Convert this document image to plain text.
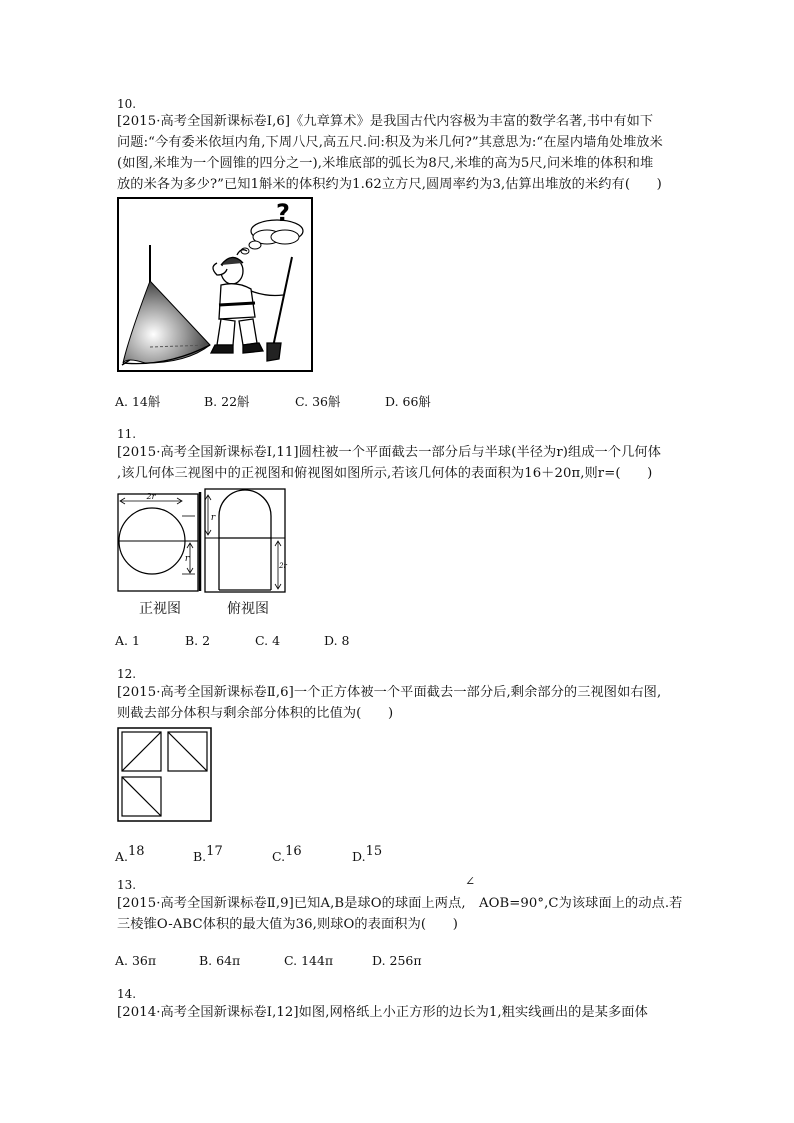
10.
[2015·高考全国新课标卷Ⅰ,6]《九章算术》是我国古代内容极为丰富的数学名著,书中有如下
问题:“今有委米依垣内角,下周八尺,高五尺.问:积及为米几何?”其意思为:“在屋内墙角处堆放米
(如图,米堆为一个圆锥的四分之一),米堆底部的弧长为8尺,米堆的高为5尺,问米堆的体积和堆
放的米各为多少?”已知1斛米的体积约为1.62立方尺,圆周率约为3,估算出堆放的米约有(　　)
?
A. 14斛	B. 22斛	C. 36斛	D. 66斛
11.
[2015·高考全国新课标卷Ⅰ,11]圆柱被一个平面截去一部分后与半球(半径为r)组成一个几何体
,该几何体三视图中的正视图和俯视图如图所示,若该几何体的表面积为16＋20π,则r=(　　)
2r
r
r
2r
正视图	俯视图
A. 1	B. 2	C. 4	D. 8
12.
[2015·高考全国新课标卷Ⅱ,6]一个正方体被一个平面截去一部分后,剩余部分的三视图如右图,
则截去部分体积与剩余部分体积的比值为(　　)
A.$^{18}$	B.$^{17}$	C.$^{16}$	D.$^{15}$
13.	∠
[2015·高考全国新课标卷Ⅱ,9]已知A,B是球O的球面上两点,　AOB=90°,C为该球面上的动点.若
三棱锥O-ABC体积的最大值为36,则球O的表面积为(　　)
A. 36π	B. 64π	C. 144π	D. 256π
14.
[2014·高考全国新课标卷Ⅰ,12]如图,网格纸上小正方形的边长为1,粗实线画出的是某多面体
